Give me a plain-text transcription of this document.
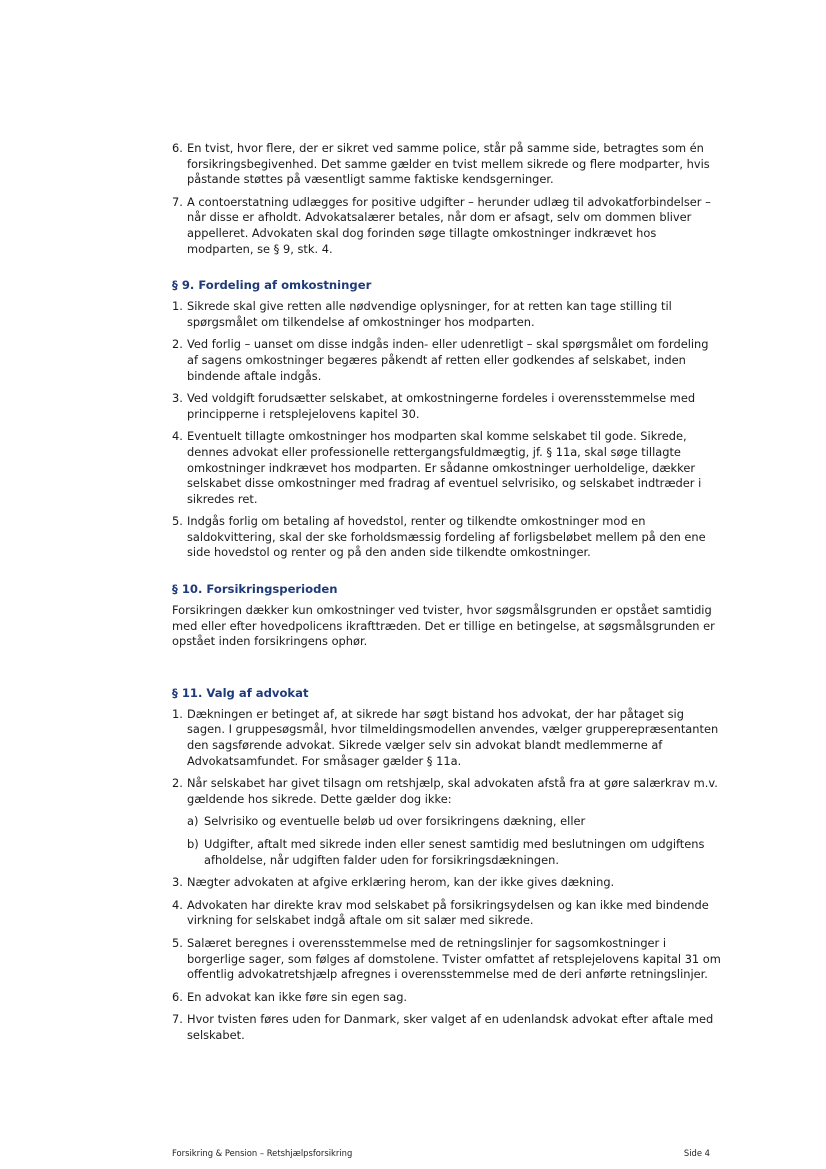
6. En tvist, hvor flere, der er sikret ved samme police, står på samme side, betragtes som én forsikringsbegivenhed. Det samme gælder en tvist mellem sikrede og flere modparter, hvis påstande støttes på væsentligt samme faktiske kendsgerninger.
7. A contoerstatning udlægges for positive udgifter – herunder udlæg til advokatforbindelser – når disse er afholdt. Advokatsalærer betales, når dom er afsagt, selv om dommen bliver appelleret. Advokaten skal dog forinden søge tillagte omkostninger indkrævet hos modparten, se § 9, stk. 4.
§ 9. Fordeling af omkostninger
1. Sikrede skal give retten alle nødvendige oplysninger, for at retten kan tage stilling til spørgsmålet om tilkendelse af omkostninger hos modparten.
2. Ved forlig – uanset om disse indgås inden- eller udenretligt – skal spørgsmålet om fordeling af sagens omkostninger begæres påkendt af retten eller godkendes af selskabet, inden bindende aftale indgås.
3. Ved voldgift forudsætter selskabet, at omkostningerne fordeles i overensstemmelse med principperne i retsplejelovens kapitel 30.
4. Eventuelt tillagte omkostninger hos modparten skal komme selskabet til gode. Sikrede, dennes advokat eller professionelle rettergangsfuldmægtig, jf. § 11a, skal søge tillagte omkostninger indkrævet hos modparten. Er sådanne omkostninger uerholdelige, dækker selskabet disse omkostninger med fradrag af eventuel selvrisiko, og selskabet indtræder i sikredes ret.
5. Indgås forlig om betaling af hovedstol, renter og tilkendte omkostninger mod en saldokvittering, skal der ske forholdsmæssig fordeling af forligsbeløbet mellem på den ene side hovedstol og renter og på den anden side tilkendte omkostninger.
§ 10. Forsikringsperioden

Forsikringen dækker kun omkostninger ved tvister, hvor søgsmålsgrunden er opstået samtidig med eller efter hovedpolicens ikrafttræden. Det er tillige en betingelse, at søgsmålsgrunden er opstået inden forsikringens ophør.

§ 11. Valg af advokat
1. Dækningen er betinget af, at sikrede har søgt bistand hos advokat, der har påtaget sig sagen. I gruppesøgsmål, hvor tilmeldingsmodellen anvendes, vælger grupperepræsentanten den sagsførende advokat. Sikrede vælger selv sin advokat blandt medlemmerne af Advokatsamfundet. For småsager gælder § 11a.
2. Når selskabet har givet tilsagn om retshjælp, skal advokaten afstå fra at gøre salærkrav m.v. gældende hos sikrede. Dette gælder dog ikke:
a) Selvrisiko og eventuelle beløb ud over forsikringens dækning, eller
b) Udgifter, aftalt med sikrede inden eller senest samtidig med beslutningen om udgiftens afholdelse, når udgiften falder uden for forsikringsdækningen.
3. Nægter advokaten at afgive erklæring herom, kan der ikke gives dækning.
4. Advokaten har direkte krav mod selskabet på forsikringsydelsen og kan ikke med bindende virkning for selskabet indgå aftale om sit salær med sikrede.
5. Salæret beregnes i overensstemmelse med de retningslinjer for sagsomkostninger i borgerlige sager, som følges af domstolene. Tvister omfattet af retsplejelovens kapital 31 om offentlig advokatretshjælp afregnes i overensstemmelse med de deri anførte retningslinjer.
6. En advokat kan ikke føre sin egen sag.
7. Hvor tvisten føres uden for Danmark, sker valget af en udenlandsk advokat efter aftale med selskabet.
Forsikring & Pension – Retshjælpsforsikring	Side 4
